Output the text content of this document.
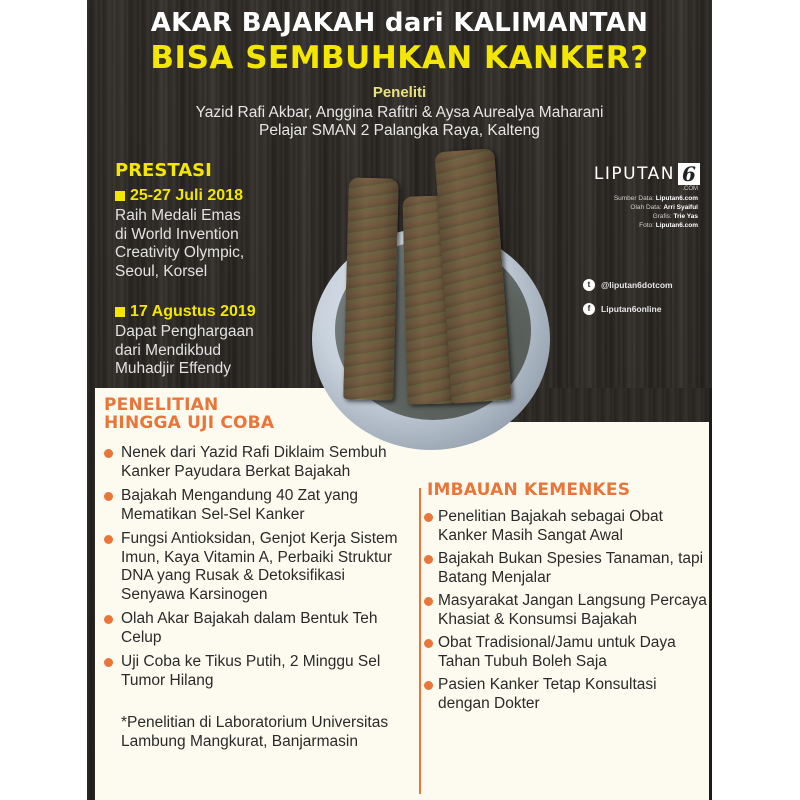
AKAR BAJAKAH dari KALIMANTAN
BISA SEMBUHKAN KANKER?
Peneliti
Yazid Rafi Akbar, Anggina Rafitri & Aysa Aurealya Maharani
Pelajar SMAN 2 Palangka Raya, Kalteng
PRESTASI
25-27 Juli 2018
Raih Medali Emas
di World Invention
Creativity Olympic,
Seoul, Korsel
17 Agustus 2019
Dapat Penghargaan
dari Mendikbud
Muhadjir Effendy
LIPUTAN 6
.COM
Sumber Data: Liputan6.com
Olah Data: Arri Syaiful
Grafis: Trie Yas
Foto: Liputan6.com
t	@liputan6dotcom
f	Liputan6online
PENELITIAN
HINGGA UJI COBA
Nenek dari Yazid Rafi Diklaim Sembuh Kanker Payudara Berkat Bajakah
Bajakah Mengandung 40 Zat yang Mematikan Sel-Sel Kanker
Fungsi Antioksidan, Genjot Kerja Sistem Imun, Kaya Vitamin A, Perbaiki Struktur DNA yang Rusak & Detoksifikasi Senyawa Karsinogen
Olah Akar Bajakah dalam Bentuk Teh Celup
Uji Coba ke Tikus Putih, 2 Minggu Sel Tumor Hilang
*Penelitian di Laboratorium Universitas Lambung Mangkurat, Banjarmasin
IMBAUAN KEMENKES
Penelitian Bajakah sebagai Obat Kanker Masih Sangat Awal
Bajakah Bukan Spesies Tanaman, tapi Batang Menjalar
Masyarakat Jangan Langsung Percaya Khasiat & Konsumsi Bajakah
Obat Tradisional/Jamu untuk Daya Tahan Tubuh Boleh Saja
Pasien Kanker Tetap Konsultasi dengan Dokter
